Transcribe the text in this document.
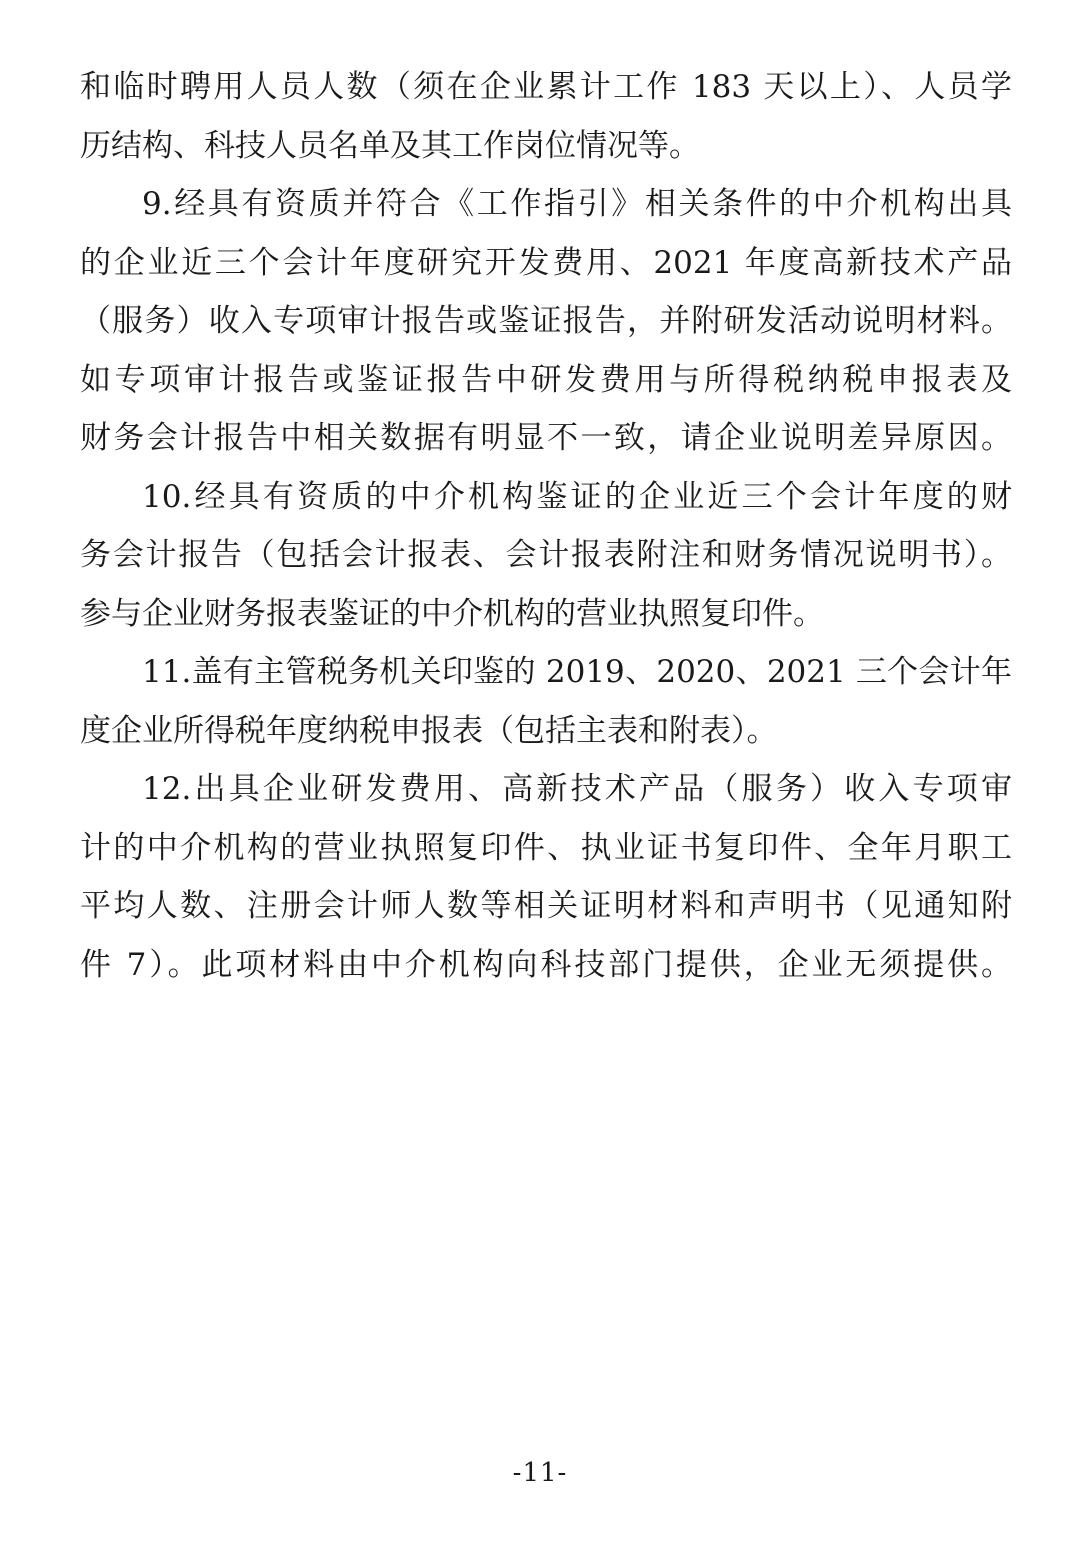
和临时聘用人员人数（须在企业累计工作 183 天以上）、人员学
历结构、科技人员名单及其工作岗位情况等。
9.经具有资质并符合《工作指引》相关条件的中介机构出具
的企业近三个会计年度研究开发费用、2021 年度高新技术产品
（服务）收入专项审计报告或鉴证报告，并附研发活动说明材料。
如专项审计报告或鉴证报告中研发费用与所得税纳税申报表及
财务会计报告中相关数据有明显不一致，请企业说明差异原因。
10.经具有资质的中介机构鉴证的企业近三个会计年度的财
务会计报告（包括会计报表、会计报表附注和财务情况说明书）。
参与企业财务报表鉴证的中介机构的营业执照复印件。
11.盖有主管税务机关印鉴的 2019、2020、2021 三个会计年
度企业所得税年度纳税申报表（包括主表和附表）。
12.出具企业研发费用、高新技术产品（服务）收入专项审
计的中介机构的营业执照复印件、执业证书复印件、全年月职工
平均人数、注册会计师人数等相关证明材料和声明书（见通知附
件 7）。此项材料由中介机构向科技部门提供，企业无须提供。
-11-
